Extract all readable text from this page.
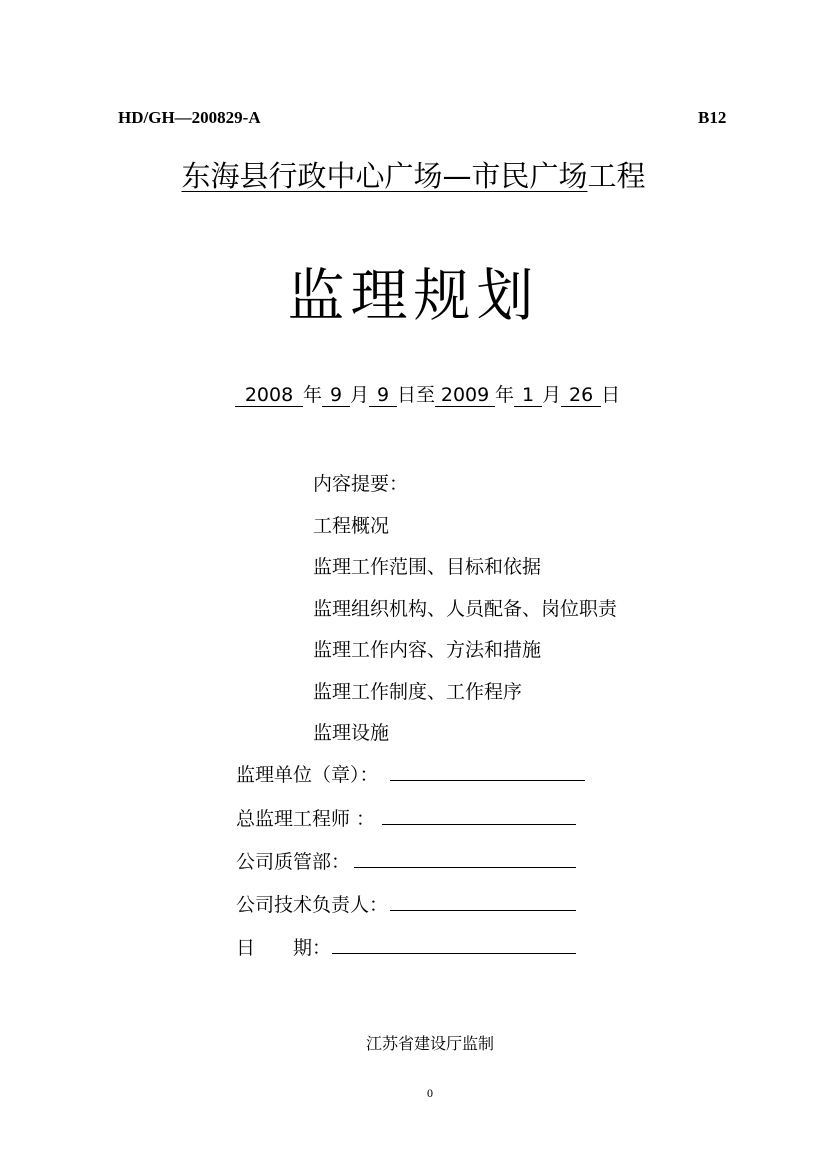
HD/GH—200829-A	B12
东海县行政中心广场—市民广场工程
监理规划
2008 年 9 月 9 日至 2009 年 1 月 26 日
内容提要：
工程概况
监理工作范围、目标和依据
监理组织机构、人员配备、岗位职责
监理工作内容、方法和措施
监理工作制度、工作程序
监理设施
监理单位（章）：
总监理工程师 ：
公司质管部：
公司技术负责人：
日　　期：
江苏省建设厅监制
0
